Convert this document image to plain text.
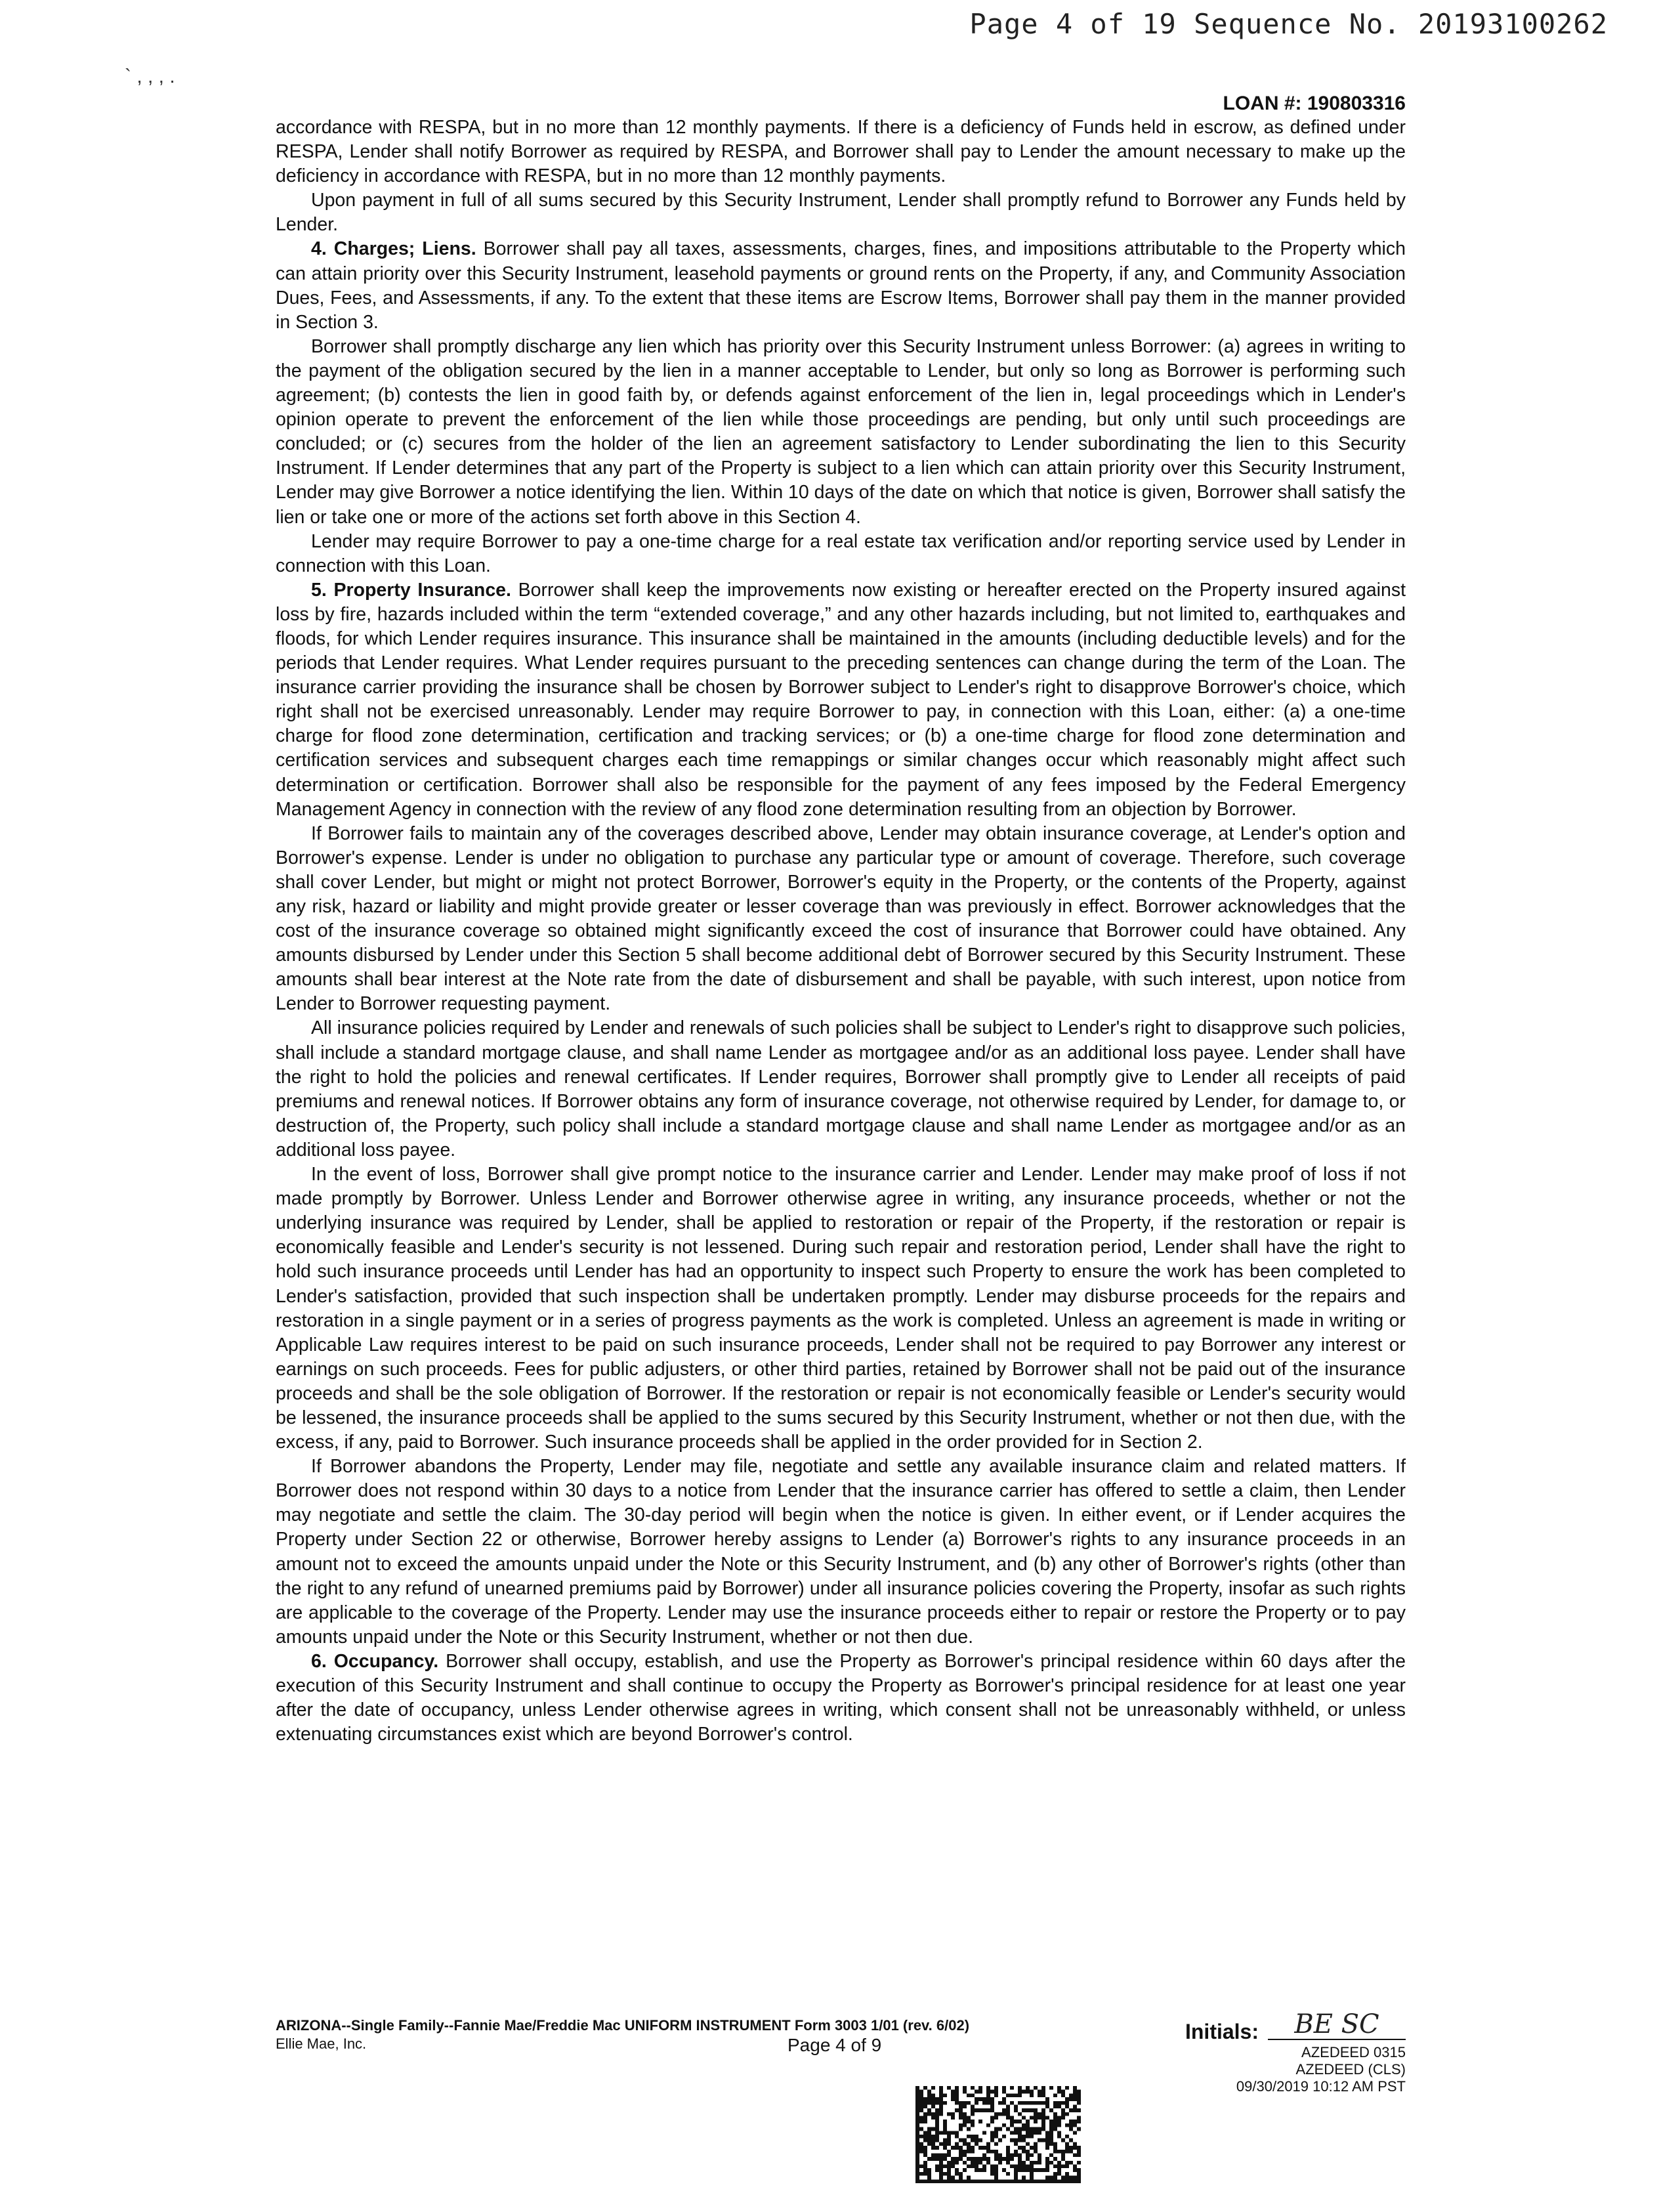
Page 4 of 19 Sequence No. 20193100262
` , , , .
LOAN #: 190803316

accordance with RESPA, but in no more than 12 monthly payments. If there is a deficiency of Funds held in escrow, as defined under RESPA, Lender shall notify Borrower as required by RESPA, and Borrower shall pay to Lender the amount necessary to make up the deficiency in accordance with RESPA, but in no more than 12 monthly payments.

Upon payment in full of all sums secured by this Security Instrument, Lender shall promptly refund to Borrower any Funds held by Lender.

4. Charges; Liens. Borrower shall pay all taxes, assessments, charges, fines, and impositions attributable to the Property which can attain priority over this Security Instrument, leasehold payments or ground rents on the Property, if any, and Community Association Dues, Fees, and Assessments, if any. To the extent that these items are Escrow Items, Borrower shall pay them in the manner provided in Section 3.

Borrower shall promptly discharge any lien which has priority over this Security Instrument unless Borrower: (a) agrees in writing to the payment of the obligation secured by the lien in a manner acceptable to Lender, but only so long as Borrower is performing such agreement; (b) contests the lien in good faith by, or defends against enforcement of the lien in, legal proceedings which in Lender's opinion operate to prevent the enforcement of the lien while those proceedings are pending, but only until such proceedings are concluded; or (c) secures from the holder of the lien an agreement satisfactory to Lender subordinating the lien to this Security Instrument. If Lender determines that any part of the Property is subject to a lien which can attain priority over this Security Instrument, Lender may give Borrower a notice identifying the lien. Within 10 days of the date on which that notice is given, Borrower shall satisfy the lien or take one or more of the actions set forth above in this Section 4.

Lender may require Borrower to pay a one-time charge for a real estate tax verification and/or reporting service used by Lender in connection with this Loan.

5. Property Insurance. Borrower shall keep the improvements now existing or hereafter erected on the Property insured against loss by fire, hazards included within the term “extended coverage,” and any other hazards including, but not limited to, earthquakes and floods, for which Lender requires insurance. This insurance shall be maintained in the amounts (including deductible levels) and for the periods that Lender requires. What Lender requires pursuant to the preceding sentences can change during the term of the Loan. The insurance carrier providing the insurance shall be chosen by Borrower subject to Lender's right to disapprove Borrower's choice, which right shall not be exercised unreasonably. Lender may require Borrower to pay, in connection with this Loan, either: (a) a one-time charge for flood zone determination, certification and tracking services; or (b) a one-time charge for flood zone determination and certification services and subsequent charges each time remappings or similar changes occur which reasonably might affect such determination or certification. Borrower shall also be responsible for the payment of any fees imposed by the Federal Emergency Management Agency in connection with the review of any flood zone determination resulting from an objection by Borrower.

If Borrower fails to maintain any of the coverages described above, Lender may obtain insurance coverage, at Lender's option and Borrower's expense. Lender is under no obligation to purchase any particular type or amount of coverage. Therefore, such coverage shall cover Lender, but might or might not protect Borrower, Borrower's equity in the Property, or the contents of the Property, against any risk, hazard or liability and might provide greater or lesser coverage than was previously in effect. Borrower acknowledges that the cost of the insurance coverage so obtained might significantly exceed the cost of insurance that Borrower could have obtained. Any amounts disbursed by Lender under this Section 5 shall become additional debt of Borrower secured by this Security Instrument. These amounts shall bear interest at the Note rate from the date of disbursement and shall be payable, with such interest, upon notice from Lender to Borrower requesting payment.

All insurance policies required by Lender and renewals of such policies shall be subject to Lender's right to disapprove such policies, shall include a standard mortgage clause, and shall name Lender as mortgagee and/or as an additional loss payee. Lender shall have the right to hold the policies and renewal certificates. If Lender requires, Borrower shall promptly give to Lender all receipts of paid premiums and renewal notices. If Borrower obtains any form of insurance coverage, not otherwise required by Lender, for damage to, or destruction of, the Property, such policy shall include a standard mortgage clause and shall name Lender as mortgagee and/or as an additional loss payee.

In the event of loss, Borrower shall give prompt notice to the insurance carrier and Lender. Lender may make proof of loss if not made promptly by Borrower. Unless Lender and Borrower otherwise agree in writing, any insurance proceeds, whether or not the underlying insurance was required by Lender, shall be applied to restoration or repair of the Property, if the restoration or repair is economically feasible and Lender's security is not lessened. During such repair and restoration period, Lender shall have the right to hold such insurance proceeds until Lender has had an opportunity to inspect such Property to ensure the work has been completed to Lender's satisfaction, provided that such inspection shall be undertaken promptly. Lender may disburse proceeds for the repairs and restoration in a single payment or in a series of progress payments as the work is completed. Unless an agreement is made in writing or Applicable Law requires interest to be paid on such insurance proceeds, Lender shall not be required to pay Borrower any interest or earnings on such proceeds. Fees for public adjusters, or other third parties, retained by Borrower shall not be paid out of the insurance proceeds and shall be the sole obligation of Borrower. If the restoration or repair is not economically feasible or Lender's security would be lessened, the insurance proceeds shall be applied to the sums secured by this Security Instrument, whether or not then due, with the excess, if any, paid to Borrower. Such insurance proceeds shall be applied in the order provided for in Section 2.

If Borrower abandons the Property, Lender may file, negotiate and settle any available insurance claim and related matters. If Borrower does not respond within 30 days to a notice from Lender that the insurance carrier has offered to settle a claim, then Lender may negotiate and settle the claim. The 30-day period will begin when the notice is given. In either event, or if Lender acquires the Property under Section 22 or otherwise, Borrower hereby assigns to Lender (a) Borrower's rights to any insurance proceeds in an amount not to exceed the amounts unpaid under the Note or this Security Instrument, and (b) any other of Borrower's rights (other than the right to any refund of unearned premiums paid by Borrower) under all insurance policies covering the Property, insofar as such rights are applicable to the coverage of the Property. Lender may use the insurance proceeds either to repair or restore the Property or to pay amounts unpaid under the Note or this Security Instrument, whether or not then due.

6. Occupancy. Borrower shall occupy, establish, and use the Property as Borrower's principal residence within 60 days after the execution of this Security Instrument and shall continue to occupy the Property as Borrower's principal residence for at least one year after the date of occupancy, unless Lender otherwise agrees in writing, which consent shall not be unreasonably withheld, or unless extenuating circumstances exist which are beyond Borrower's control.

ARIZONA--Single Family--Fannie Mae/Freddie Mac UNIFORM INSTRUMENT Form 3003 1/01 (rev. 6/02)
Ellie Mae, Inc.	Page 4 of 9
Initials:	BE SC
AZEDEED 0315
AZEDEED (CLS)
09/30/2019 10:12 AM PST
